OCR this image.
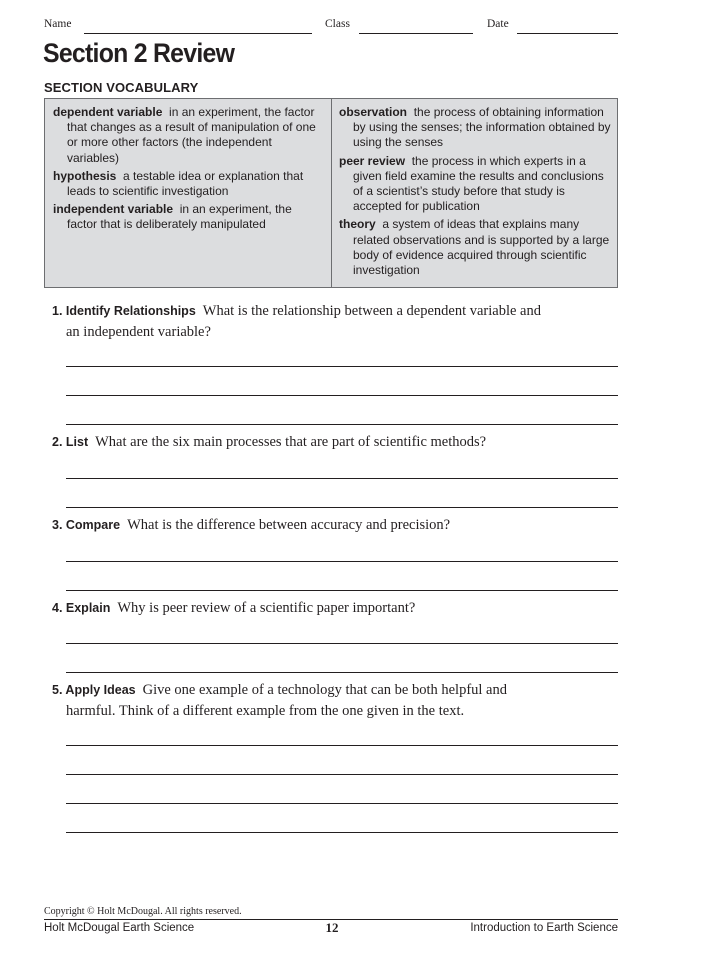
Name	Class	Date
Section 2 Review
SECTION VOCABULARY
dependent variable in an experiment, the factor that changes as a result of manipulation of one or more other factors (the independent variables)
hypothesis a testable idea or explanation that leads to scientific investigation
independent variable in an experiment, the factor that is deliberately manipulated
observation the process of obtaining information by using the senses; the information obtained by using the senses
peer review the process in which experts in a given field examine the results and conclusions of a scientist’s study before that study is accepted for publication
theory a system of ideas that explains many related observations and is supported by a large body of evidence acquired through scientific investigation
1. Identify Relationships What is the relationship between a dependent variable and
an independent variable?
2. List What are the six main processes that are part of scientific methods?
3. Compare What is the difference between accuracy and precision?
4. Explain Why is peer review of a scientific paper important?
5. Apply Ideas Give one example of a technology that can be both helpful and
harmful. Think of a different example from the one given in the text.
Copyright © Holt McDougal. All rights reserved.
Holt McDougal Earth Science	12	Introduction to Earth Science
